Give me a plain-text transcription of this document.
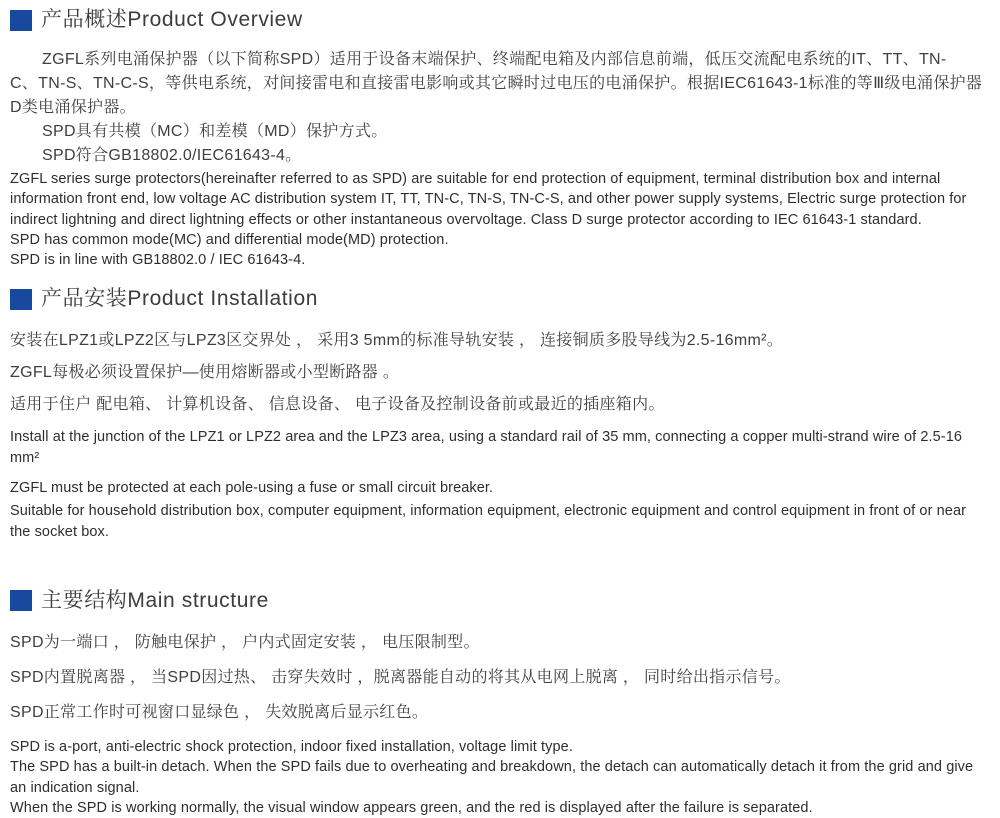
产品概述Product Overview

ZGFL系列电涌保护器（以下简称SPD）适用于设备末端保护、终端配电箱及内部信息前端，低压交流配电系统的IT、TT、TN-

C、TN-S、TN-C-S，等供电系统，对间接雷电和直接雷电影响或其它瞬时过电压的电涌保护。根据IEC61643-1标准的等Ⅲ级电涌保护器

D类电涌保护器。

SPD具有共模（MC）和差模（MD）保护方式。

SPD符合GB18802.0/IEC61643-4。

ZGFL series surge protectors(hereinafter referred to as SPD) are suitable for end protection of equipment, terminal distribution box and internal

information front end, low voltage AC distribution system IT, TT, TN-C, TN-S, TN-C-S, and other power supply systems, Electric surge protection for

indirect lightning and direct lightning effects or other instantaneous overvoltage. Class D surge protector according to IEC 61643-1 standard.

SPD has common mode(MC) and differential mode(MD) protection.

SPD is in line with GB18802.0 / IEC 61643-4.

产品安装Product Installation

安装在LPZ1或LPZ2区与LPZ3区交界处 ， 采用3 5mm的标准导轨安装 ， 连接铜质多股导线为2.5-16mm²。

ZGFL每极必须设置保护—使用熔断器或小型断路器 。

适用于住户 配电箱、 计算机设备、 信息设备、 电子设备及控制设备前或最近的插座箱内。

Install at the junction of the LPZ1 or LPZ2 area and the LPZ3 area, using a standard rail of 35 mm, connecting a copper multi-strand wire of 2.5-16 mm²

ZGFL must be protected at each pole-using a fuse or small circuit breaker.

Suitable for household distribution box, computer equipment, information equipment, electronic equipment and control equipment in front of or near the socket box.

主要结构Main structure

SPD为一端口 ， 防触电保护 ， 户内式固定安装 ， 电压限制型。

SPD内置脱离器 ， 当SPD因过热、 击穿失效时 ，脱离器能自动的将其从电网上脱离 ， 同时给出指示信号。

SPD正常工作时可视窗口显绿色 ， 失效脱离后显示红色。

SPD is a-port, anti-electric shock protection, indoor fixed installation, voltage limit type.

The SPD has a built-in detach. When the SPD fails due to overheating and breakdown, the detach can automatically detach it from the grid and give an indication signal.

When the SPD is working normally, the visual window appears green, and the red is displayed after the failure is separated.
